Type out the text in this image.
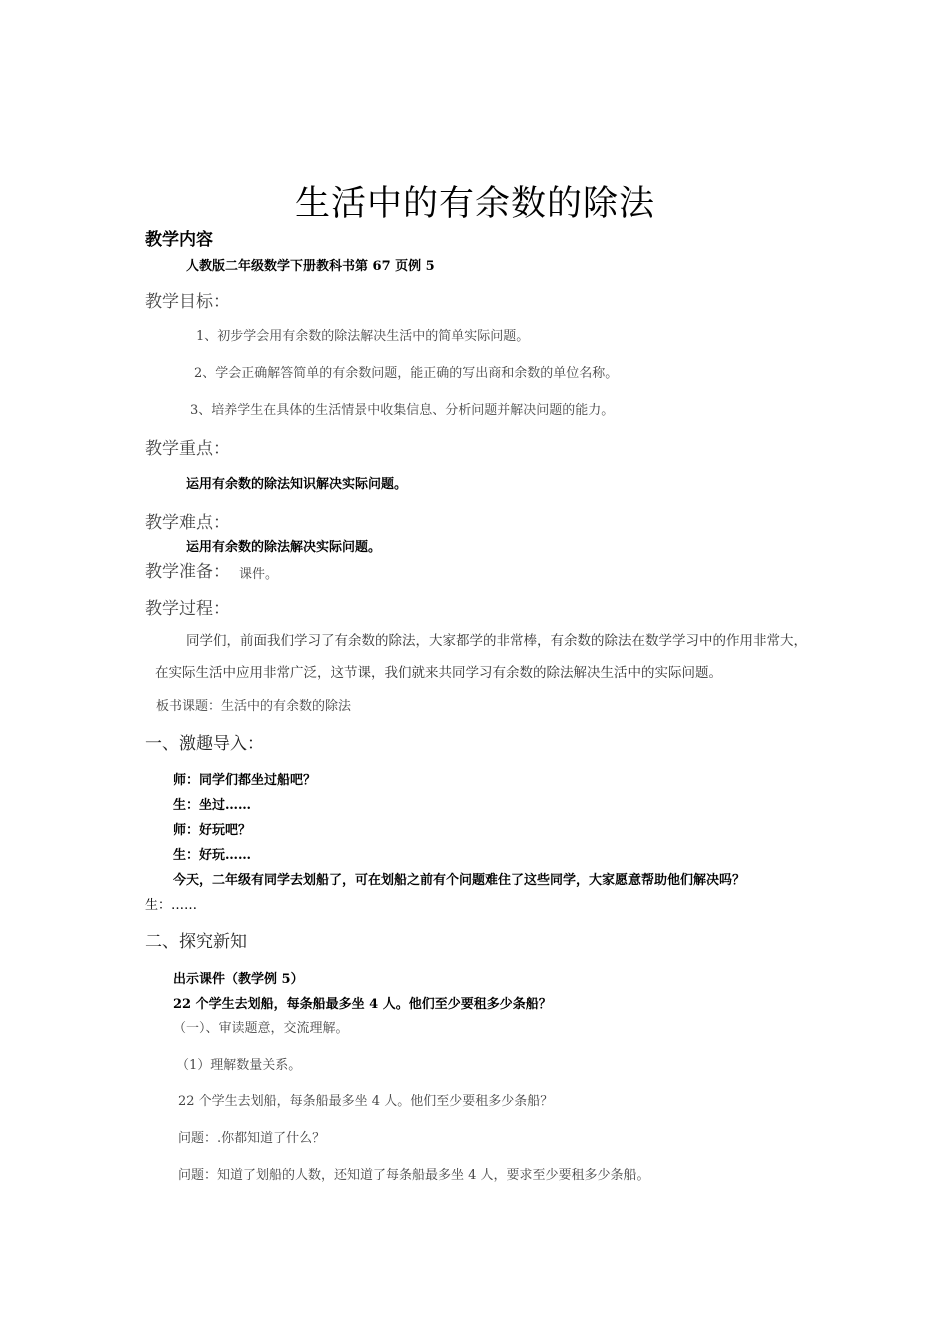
生活中的有余数的除法
教学内容
人教版二年级数学下册教科书第 67 页例 5
教学目标：
1、初步学会用有余数的除法解决生活中的简单实际问题。
2、学会正确解答简单的有余数问题，能正确的写出商和余数的单位名称。
3、培养学生在具体的生活情景中收集信息、分析问题并解决问题的能力。
教学重点：
运用有余数的除法知识解决实际问题。
教学难点：
运用有余数的除法解决实际问题。
教学准备： 课件。
教学过程：
同学们，前面我们学习了有余数的除法，大家都学的非常棒，有余数的除法在数学学习中的作用非常大，在实际生活中应用非常广泛，这节课，我们就来共同学习有余数的除法解决生活中的实际问题。
板书课题：生活中的有余数的除法
一、激趣导入：
师：同学们都坐过船吧？
生：坐过……
师：好玩吧？
生：好玩……
今天，二年级有同学去划船了，可在划船之前有个问题难住了这些同学，大家愿意帮助他们解决吗？
生：……
二、探究新知
出示课件（教学例 5）
22 个学生去划船，每条船最多坐 4 人。他们至少要租多少条船？
（一）、审读题意，交流理解。
（1）理解数量关系。
22 个学生去划船，每条船最多坐 4 人。他们至少要租多少条船？
问题：.你都知道了什么？
问题：知道了划船的人数，还知道了每条船最多坐 4 人，要求至少要租多少条船。
